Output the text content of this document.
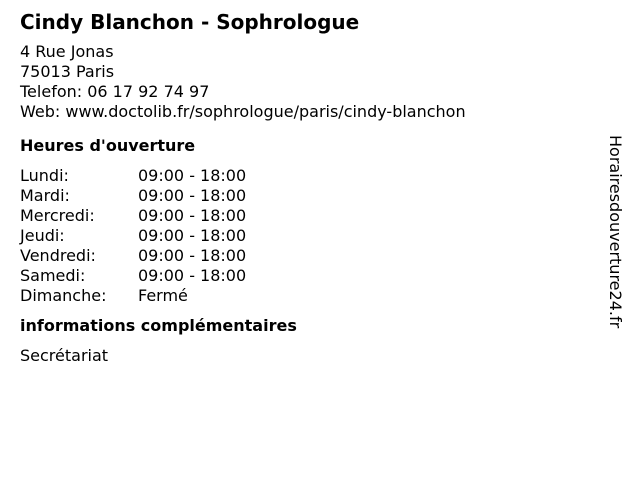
Cindy Blanchon - Sophrologue
4 Rue Jonas
75013 Paris
Telefon: 06 17 92 74 97
Web: www.doctolib.fr/sophrologue/paris/cindy-blanchon
Heures d'ouverture
Lundi:	09:00 - 18:00
Mardi:	09:00 - 18:00
Mercredi:	09:00 - 18:00
Jeudi:	09:00 - 18:00
Vendredi:	09:00 - 18:00
Samedi:	09:00 - 18:00
Dimanche:	Fermé
informations complémentaires
Secrétariat
Horairesdouverture24.fr
